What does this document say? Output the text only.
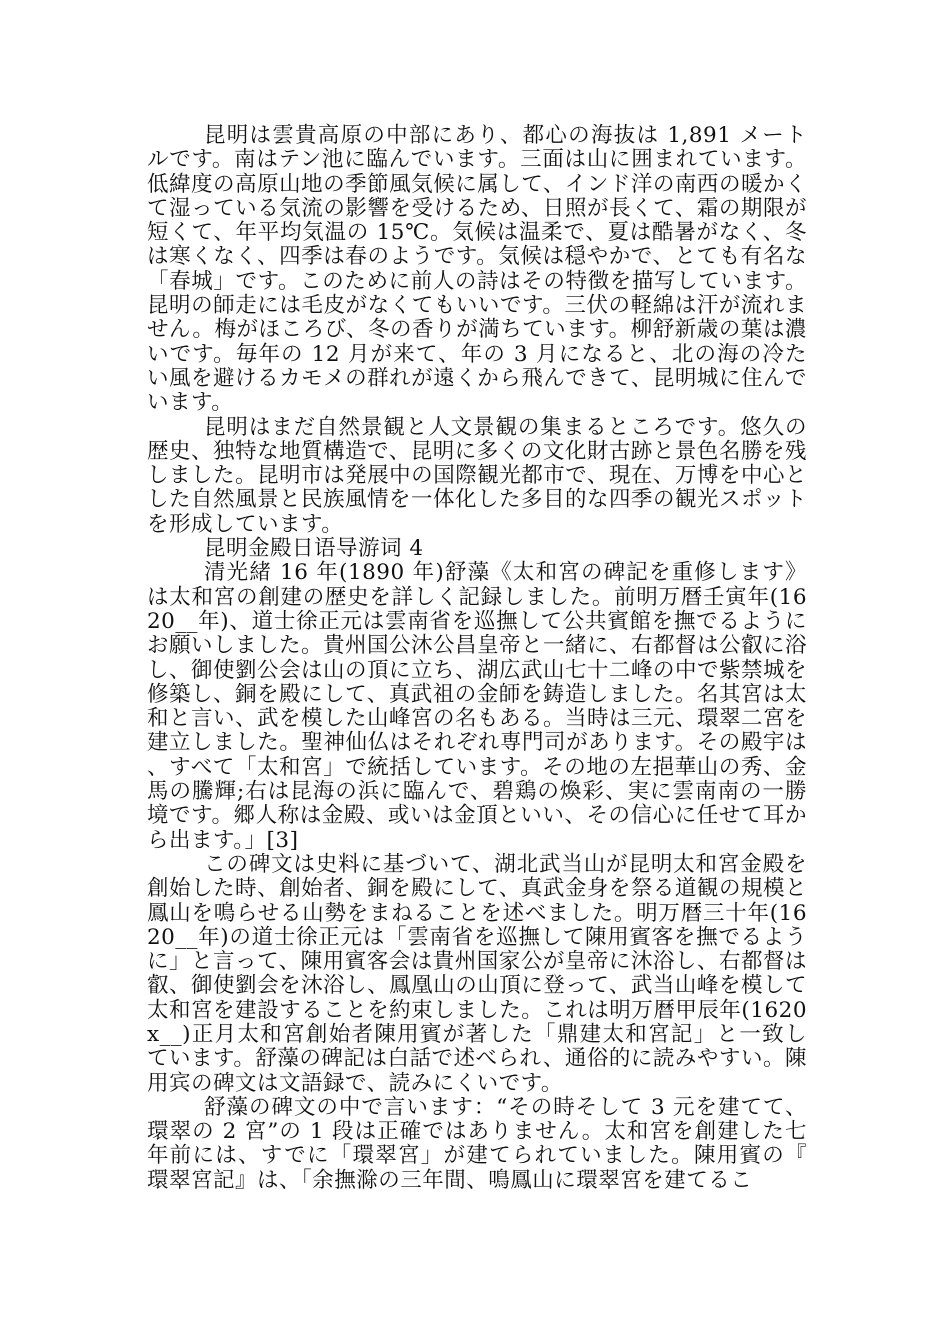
昆明は雲貴高原の中部にあり、都心の海抜は 1,891 メートルです。南はテン池に臨んでいます。三面は山に囲まれています。低緯度の高原山地の季節風気候に属して、インド洋の南西の暖かくて湿っている気流の影響を受けるため、日照が長くて、霜の期限が短くて、年平均気温の 15℃。気候は温柔で、夏は酷暑がなく、冬は寒くなく、四季は春のようです。気候は穏やかで、とても有名な「春城」です。このために前人の詩はその特徴を描写しています。昆明の師走には毛皮がなくてもいいです。三伏の軽綿は汗が流れません。梅がほころび、冬の香りが満ちています。柳舒新歳の葉は濃いです。毎年の 12 月が来て、年の 3 月になると、北の海の冷たい風を避けるカモメの群れが遠くから飛んできて、昆明城に住んでいます。

昆明はまだ自然景観と人文景観の集まるところです。悠久の歴史、独特な地質構造で、昆明に多くの文化財古跡と景色名勝を残しました。昆明市は発展中の国際観光都市で、現在、万博を中心とした自然風景と民族風情を一体化した多目的な四季の観光スポットを形成しています。

昆明金殿日语导游词 4

清光緒 16 年(1890 年)舒藻《太和宮の碑記を重修します》は太和宮の創建の歴史を詳しく記録しました。前明万暦壬寅年(1620__年)、道士徐正元は雲南省を巡撫して公共賓館を撫でるようにお願いしました。貴州国公沐公昌皇帝と一緒に、右都督は公叡に浴し、御使劉公会は山の頂に立ち、湖広武山七十二峰の中で紫禁城を修築し、銅を殿にして、真武祖の金師を鋳造しました。名其宮は太和と言い、武を模した山峰宮の名もある。当時は三元、環翠二宮を建立しました。聖神仙仏はそれぞれ専門司があります。その殿宇は、すべて「太和宮」で統括しています。その地の左挹華山の秀、金馬の騰輝;右は昆海の浜に臨んで、碧鶏の煥彩、実に雲南南の一勝境です。郷人称は金殿、或いは金頂といい、その信心に任せて耳から出ます。」[3]

この碑文は史料に基づいて、湖北武当山が昆明太和宮金殿を創始した時、創始者、銅を殿にして、真武金身を祭る道観の規模と鳳山を鳴らせる山勢をまねることを述べました。明万暦三十年(1620__年)の道士徐正元は「雲南省を巡撫して陳用賓客を撫でるように」と言って、陳用賓客会は貴州国家公が皇帝に沐浴し、右都督は叡、御使劉会を沐浴し、鳳凰山の山頂に登って、武当山峰を模して太和宮を建設することを約束しました。これは明万暦甲辰年(1620x__)正月太和宮創始者陳用賓が著した「鼎建太和宮記」と一致しています。舒藻の碑記は白話で述べられ、通俗的に読みやすい。陳用宾の碑文は文語録で、読みにくいです。

舒藻の碑文の中で言います：“その時そして 3 元を建てて、環翠の 2 宮”の 1 段は正確ではありません。太和宮を創建した七年前には、すでに「環翠宮」が建てられていました。陳用賓の『環翠宮記』は、「余撫滁の三年間、鳴鳳山に環翠宮を建てるこ
